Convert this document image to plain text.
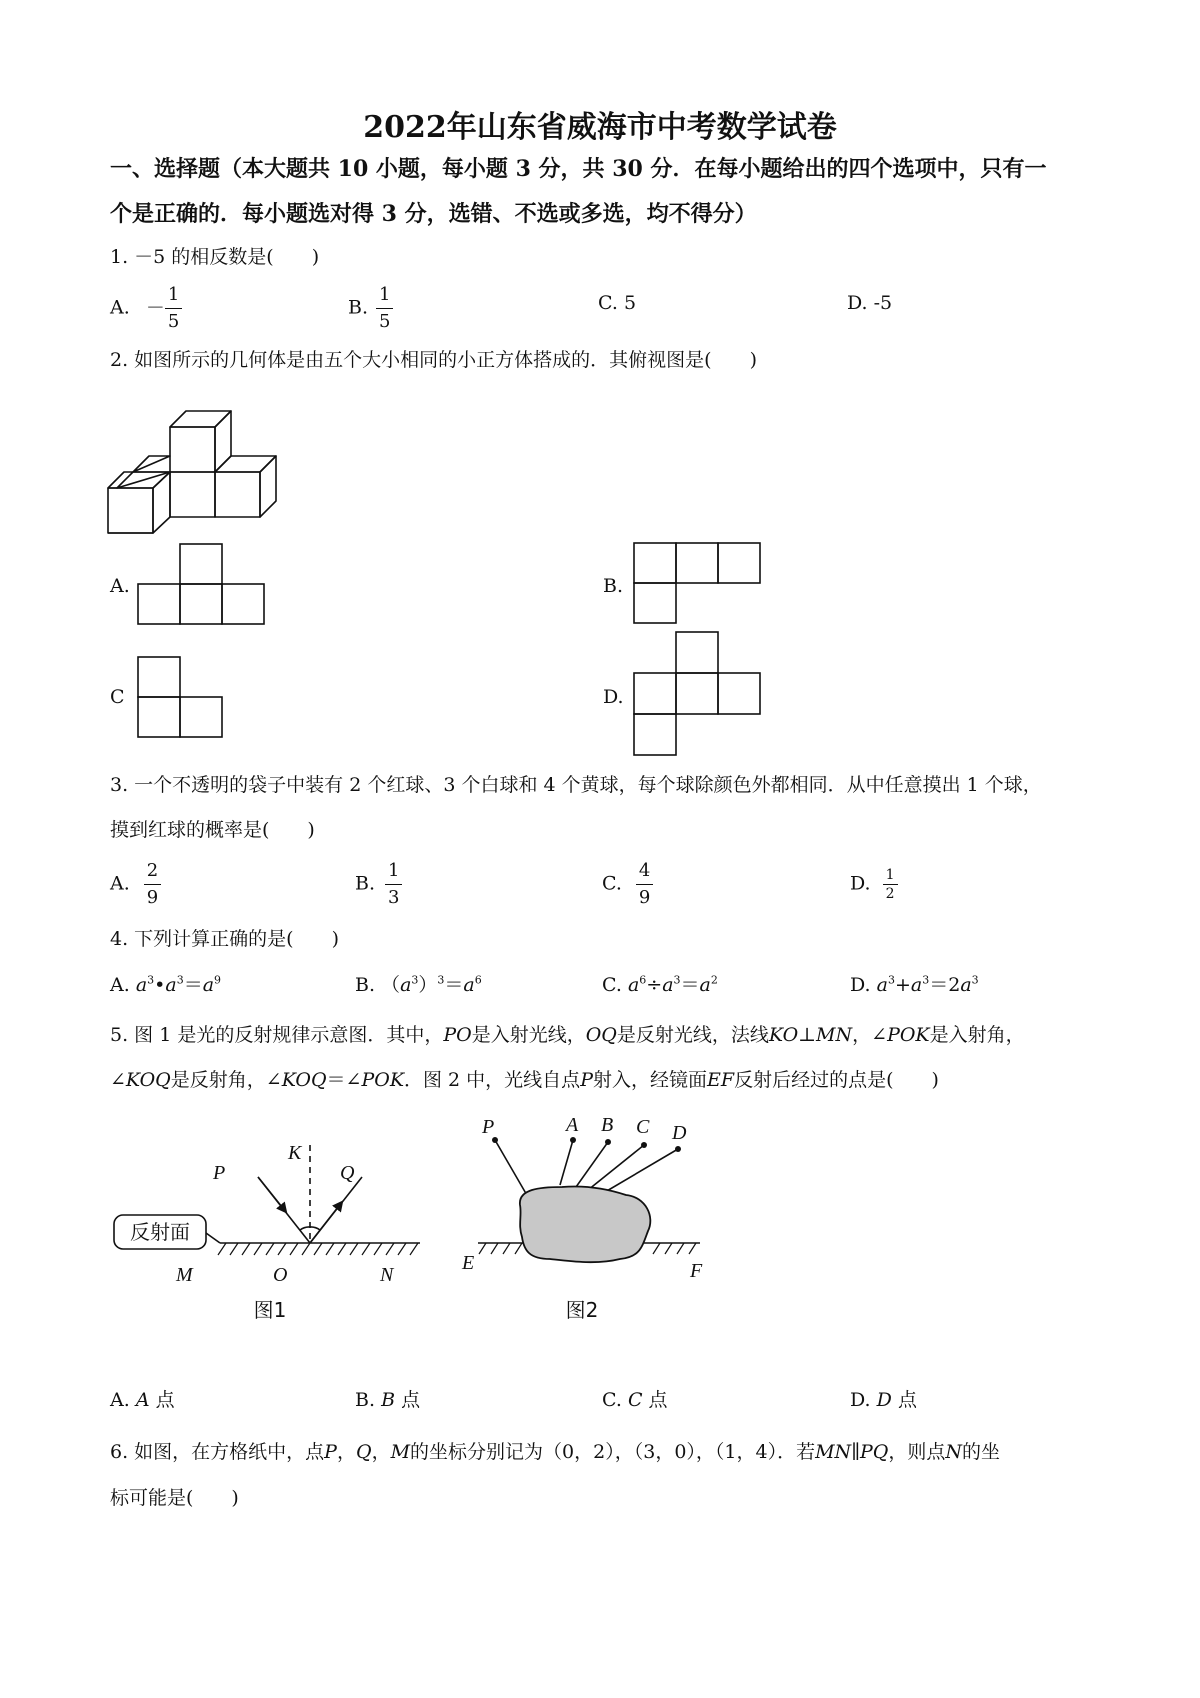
2022年山东省威海市中考数学试卷
一、选择题（本大题共 10 小题，每小题 3 分，共 30 分．在每小题给出的四个选项中，只有一
个是正确的．每小题选对得 3 分，选错、不选或多选，均不得分）
1. －5 的相反数是(　　)
A. － $\frac{1}{5}$	B. $\frac{1}{5}$	C. 5	D. -5
2. 如图所示的几何体是由五个大小相同的小正方体搭成的．其俯视图是(　　)
A.	B.
C	D.
3. 一个不透明的袋子中装有 2 个红球、3 个白球和 4 个黄球，每个球除颜色外都相同．从中任意摸出 1 个球，
摸到红球的概率是(　　)
A. $\frac{2}{9}$	B. $\frac{1}{3}$	C. $\frac{4}{9}$	D. $\frac{1}{2}$
4. 下列计算正确的是(　　)
A. $a^3•a^3=a^9$	B. $(a^3)^3=a^6$	C. $a^6\div a^3=a^2$	D. $a^3+a^3=2a^3$
5. 图 1 是光的反射规律示意图．其中，PO是入射光线，OQ是反射光线，法线KO⊥MN，∠POK是入射角，
∠KOQ是反射角，∠KOQ＝∠POK．图 2 中，光线自点P射入，经镜面EF反射后经过的点是(　　)
反射面
P
K
Q
M	O	N
图1
P	A B C D
E	F
图2
A. A 点	B. B 点	C. C 点	D. D 点
6. 如图，在方格纸中，点P，Q，M的坐标分别记为（0，2），（3，0），（1，4）．若MN∥PQ，则点N的坐
标可能是(　　)
